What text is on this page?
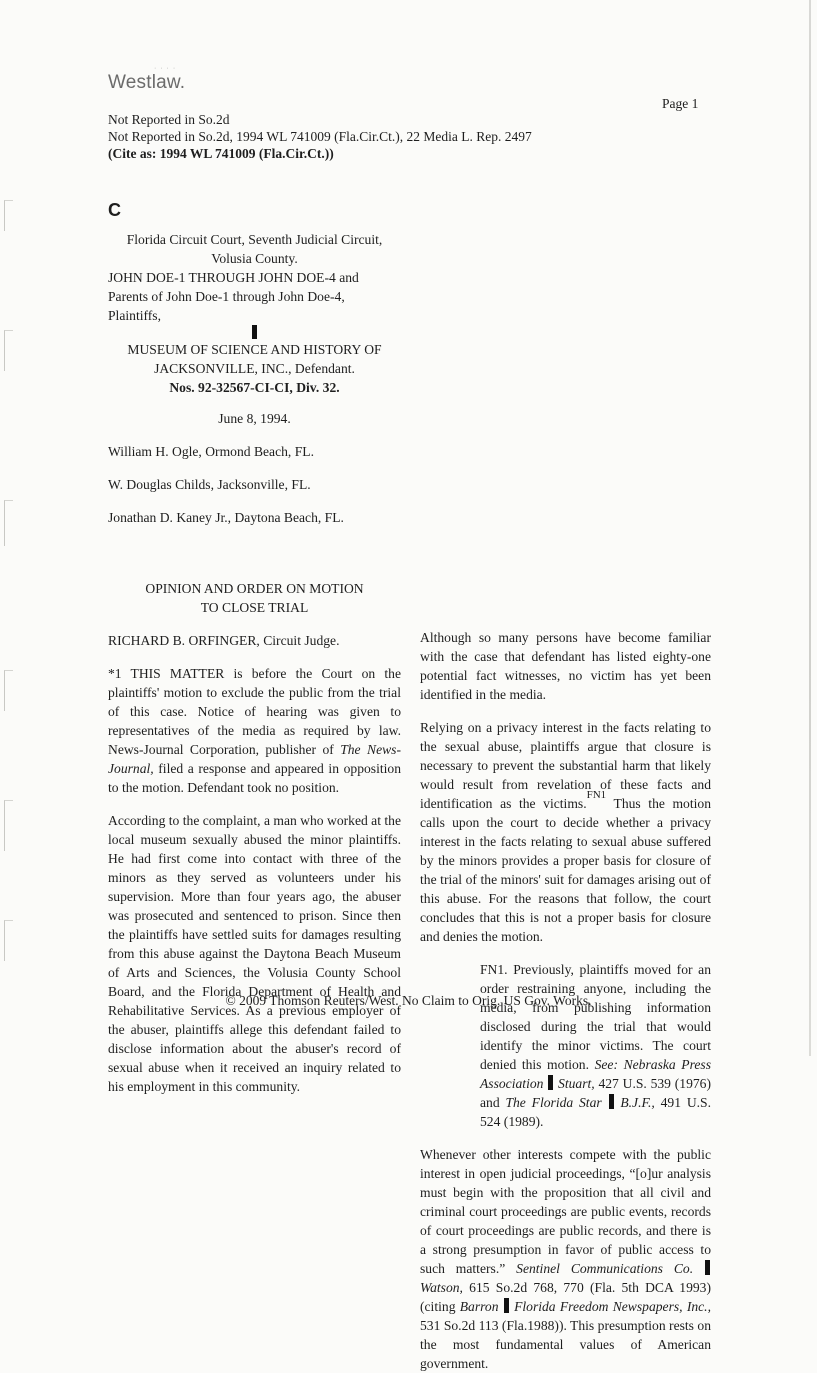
· · · ·
Westlaw.
Page 1
Not Reported in So.2d
Not Reported in So.2d, 1994 WL 741009 (Fla.Cir.Ct.), 22 Media L. Rep. 2497
(Cite as: 1994 WL 741009 (Fla.Cir.Ct.))

C

Florida Circuit Court, Seventh Judicial Circuit, Volusia County.

JOHN DOE-1 THROUGH JOHN DOE-4 and Parents of John Doe-1 through John Doe-4, Plaintiffs,

MUSEUM OF SCIENCE AND HISTORY OF JACKSONVILLE, INC., Defendant.

Nos. 92-32567-CI-CI, Div. 32.

June 8, 1994.

William H. Ogle, Ormond Beach, FL.

W. Douglas Childs, Jacksonville, FL.

Jonathan D. Kaney Jr., Daytona Beach, FL.

OPINION AND ORDER ON MOTION TO CLOSE TRIAL

RICHARD B. ORFINGER, Circuit Judge.

*1 THIS MATTER is before the Court on the plaintiffs' motion to exclude the public from the trial of this case. Notice of hearing was given to representatives of the media as required by law. News-Journal Corporation, publisher of The News-Journal, filed a response and appeared in opposition to the motion. Defendant took no position.

According to the complaint, a man who worked at the local museum sexually abused the minor plaintiffs. He had first come into contact with three of the minors as they served as volunteers under his supervision. More than four years ago, the abuser was prosecuted and sentenced to prison. Since then the plaintiffs have settled suits for damages resulting from this abuse against the Daytona Beach Museum of Arts and Sciences, the Volusia County School Board, and the Florida Department of Health and Rehabilitative Services. As a previous employer of the abuser, plaintiffs allege this defendant failed to disclose information about the abuser's record of sexual abuse when it received an inquiry related to his employment in this community.

Although so many persons have become familiar with the case that defendant has listed eighty-one potential fact witnesses, no victim has yet been identified in the media.

Relying on a privacy interest in the facts relating to the sexual abuse, plaintiffs argue that closure is necessary to prevent the substantial harm that likely would result from revelation of these facts and identification as the victims.$^{FN1}$ Thus the motion calls upon the court to decide whether a privacy interest in the facts relating to sexual abuse suffered by the minors provides a proper basis for closure of the trial of the minors' suit for damages arising out of this abuse. For the reasons that follow, the court concludes that this is not a proper basis for closure and denies the motion.

FN1. Previously, plaintiffs moved for an order restraining anyone, including the media, from publishing information disclosed during the trial that would identify the minor victims. The court denied this motion. See: Nebraska Press Association Stuart, 427 U.S. 539 (1976) and The Florida Star B.J.F., 491 U.S. 524 (1989).

Whenever other interests compete with the public interest in open judicial proceedings, “[o]ur analysis must begin with the proposition that all civil and criminal court proceedings are public events, records of court proceedings are public records, and there is a strong presumption in favor of public access to such matters.” Sentinel Communications Co.  Watson, 615 So.2d 768, 770 (Fla. 5th DCA 1993) (citing Barron Florida Freedom Newspapers, Inc., 531 So.2d 113 (Fla.1988)). This presumption rests on the most fundamental values of American government.

© 2009 Thomson Reuters/West. No Claim to Orig. US Gov. Works.
